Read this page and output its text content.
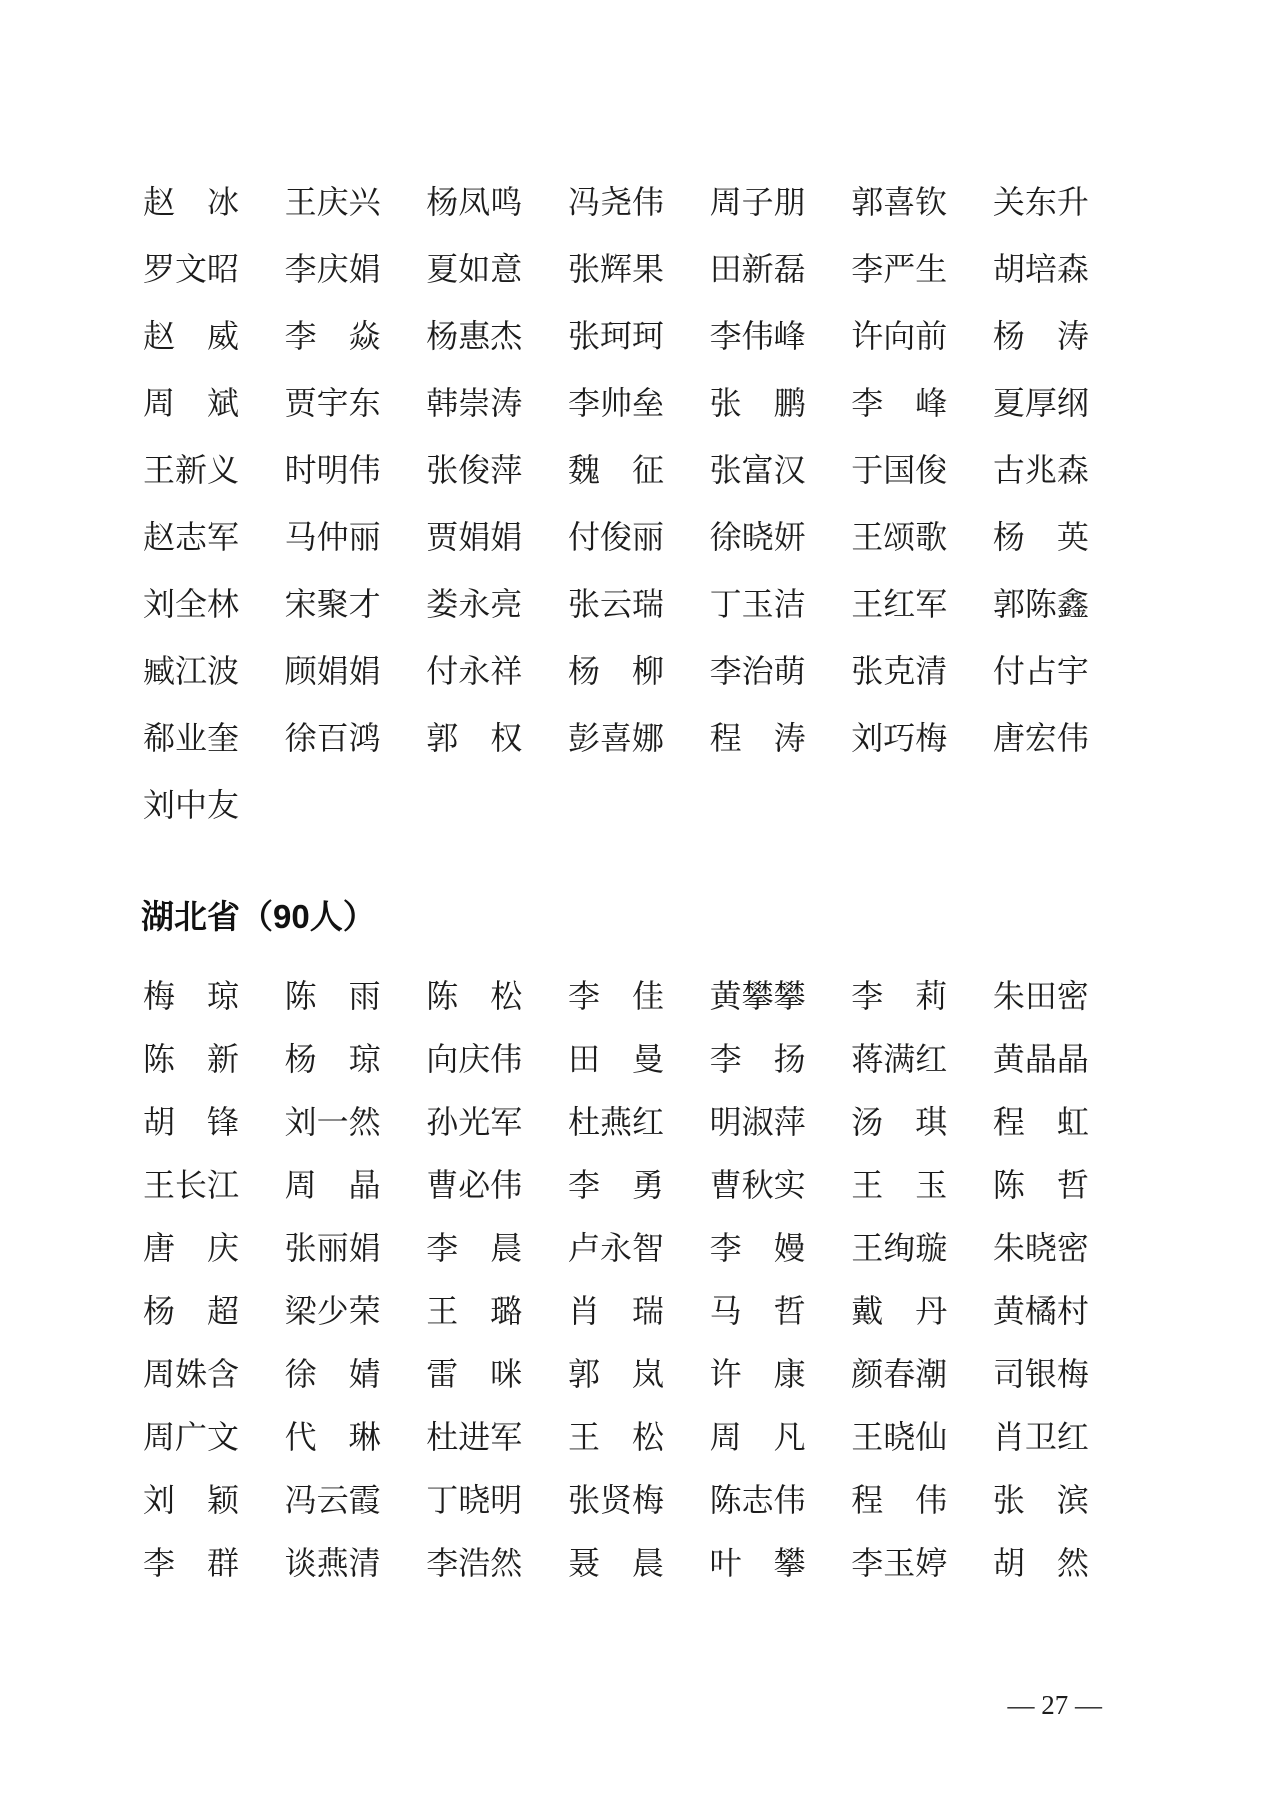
赵　冰 王庆兴 杨凤鸣 冯尧伟 周子朋 郭喜钦 关东升
罗文昭 李庆娟 夏如意 张辉果 田新磊 李严生 胡培森
赵　威 李　焱 杨惠杰 张珂珂 李伟峰 许向前 杨　涛
周　斌 贾宇东 韩崇涛 李帅垒 张　鹏 李　峰 夏厚纲
王新义 时明伟 张俊萍 魏　征 张富汉 于国俊 古兆森
赵志军 马仲丽 贾娟娟 付俊丽 徐晓妍 王颂歌 杨　英
刘全林 宋聚才 娄永亮 张云瑞 丁玉洁 王红军 郭陈鑫
臧江波 顾娟娟 付永祥 杨　柳 李治萌 张克清 付占宇
郗业奎 徐百鸿 郭　权 彭喜娜 程　涛 刘巧梅 唐宏伟
刘中友
湖北省（90人）
梅　琼 陈　雨 陈　松 李　佳 黄攀攀 李　莉 朱田密
陈　新 杨　琼 向庆伟 田　曼 李　扬 蒋满红 黄晶晶
胡　锋 刘一然 孙光军 杜燕红 明淑萍 汤　琪 程　虹
王长江 周　晶 曹必伟 李　勇 曹秋实 王　玉 陈　哲
唐　庆 张丽娟 李　晨 卢永智 李　嫚 王绚璇 朱晓密
杨　超 梁少荣 王　璐 肖　瑞 马　哲 戴　丹 黄橘村
周姝含 徐　婧 雷　咪 郭　岚 许　康 颜春潮 司银梅
周广文 代　琳 杜进军 王　松 周　凡 王晓仙 肖卫红
刘　颖 冯云霞 丁晓明 张贤梅 陈志伟 程　伟 张　滨
李　群 谈燕清 李浩然 聂　晨 叶　攀 李玉婷 胡　然
— 27 —
